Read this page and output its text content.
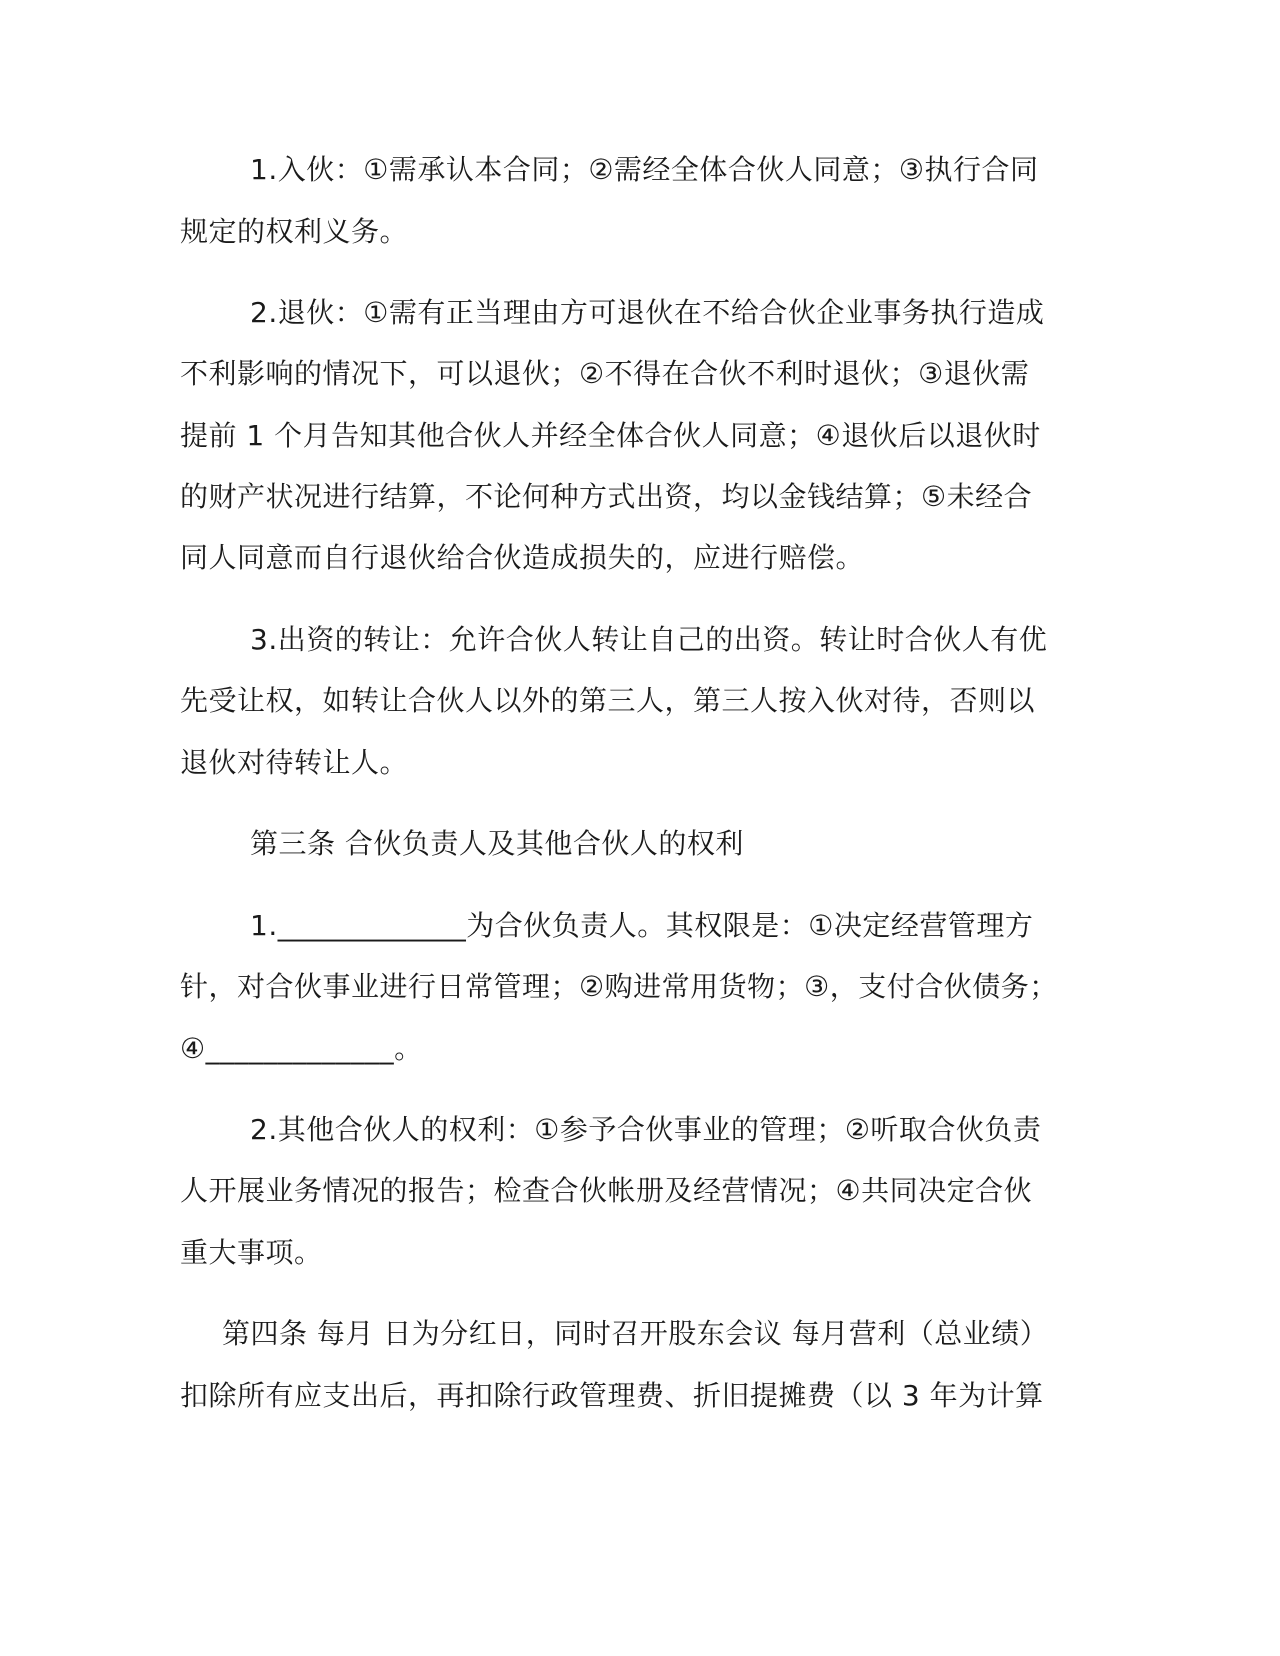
1.入伙：①需承认本合同；②需经全体合伙人同意；③执行合同
规定的权利义务。
2.退伙：①需有正当理由方可退伙在不给合伙企业事务执行造成
不利影响的情况下，可以退伙；②不得在合伙不利时退伙；③退伙需
提前 1 个月告知其他合伙人并经全体合伙人同意；④退伙后以退伙时
的财产状况进行结算，不论何种方式出资，均以金钱结算；⑤未经合
同人同意而自行退伙给合伙造成损失的，应进行赔偿。
3.出资的转让：允许合伙人转让自己的出资。转让时合伙人有优
先受让权，如转让合伙人以外的第三人，第三人按入伙对待，否则以
退伙对待转让人。
第三条 合伙负责人及其他合伙人的权利
1._____________为合伙负责人。其权限是：①决定经营管理方
针，对合伙事业进行日常管理；②购进常用货物；③，支付合伙债务；
④_____________。
2.其他合伙人的权利：①参予合伙事业的管理；②听取合伙负责
人开展业务情况的报告；检查合伙帐册及经营情况；④共同决定合伙
重大事项。
第四条 每月 日为分红日，同时召开股东会议 每月营利（总业绩）
扣除所有应支出后，再扣除行政管理费、折旧提摊费（以 3 年为计算
